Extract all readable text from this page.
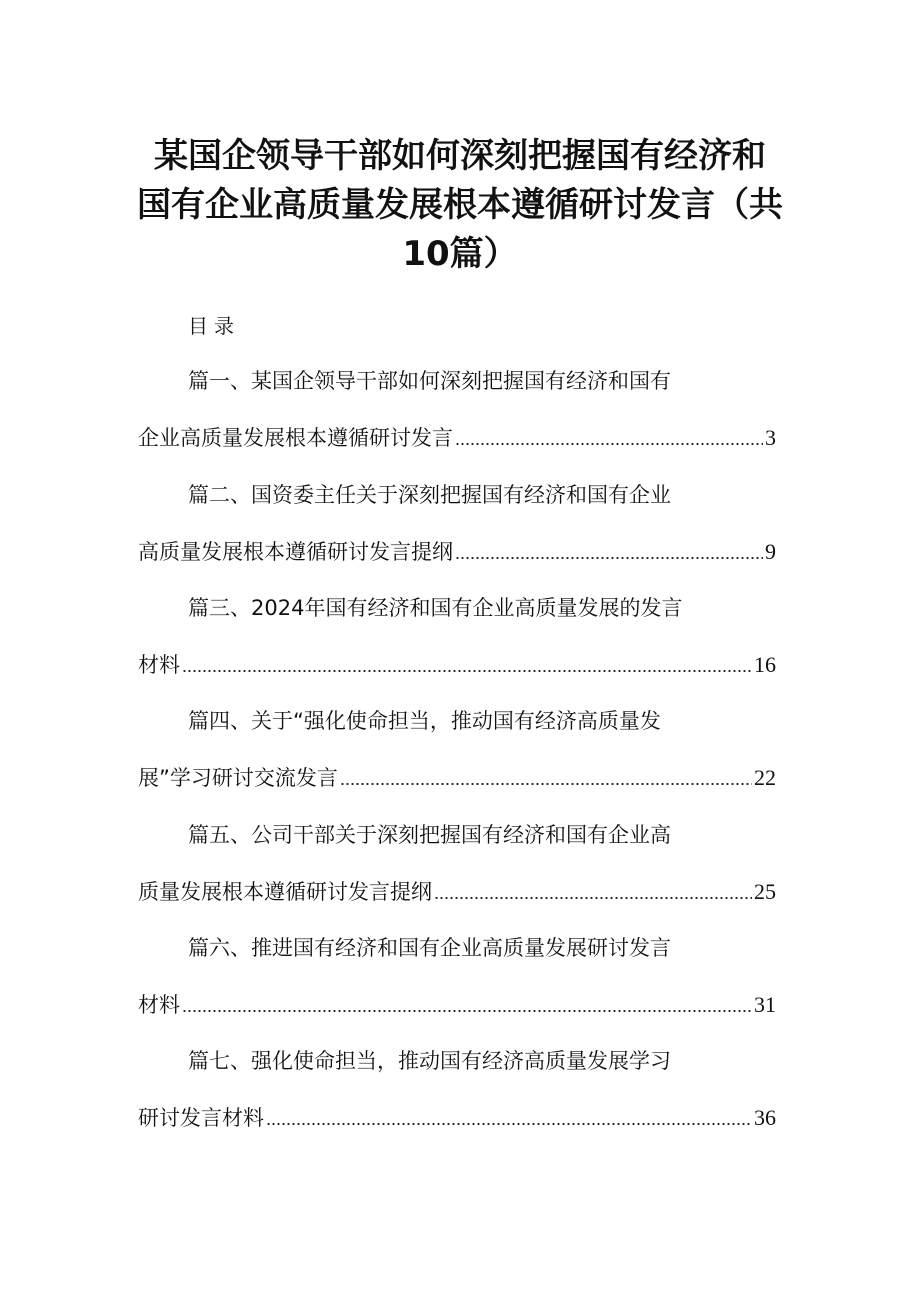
某国企领导干部如何深刻把握国有经济和
国有企业高质量发展根本遵循研讨发言（共
10篇）
目录
篇一、某国企领导干部如何深刻把握国有经济和国有
企业高质量发展根本遵循研讨发言	3
篇二、国资委主任关于深刻把握国有经济和国有企业
高质量发展根本遵循研讨发言提纲	9
篇三、2024年国有经济和国有企业高质量发展的发言
材料	16
篇四、关于“强化使命担当，推动国有经济高质量发
展”学习研讨交流发言	22
篇五、公司干部关于深刻把握国有经济和国有企业高
质量发展根本遵循研讨发言提纲	25
篇六、推进国有经济和国有企业高质量发展研讨发言
材料	31
篇七、强化使命担当，推动国有经济高质量发展学习
研讨发言材料	36
